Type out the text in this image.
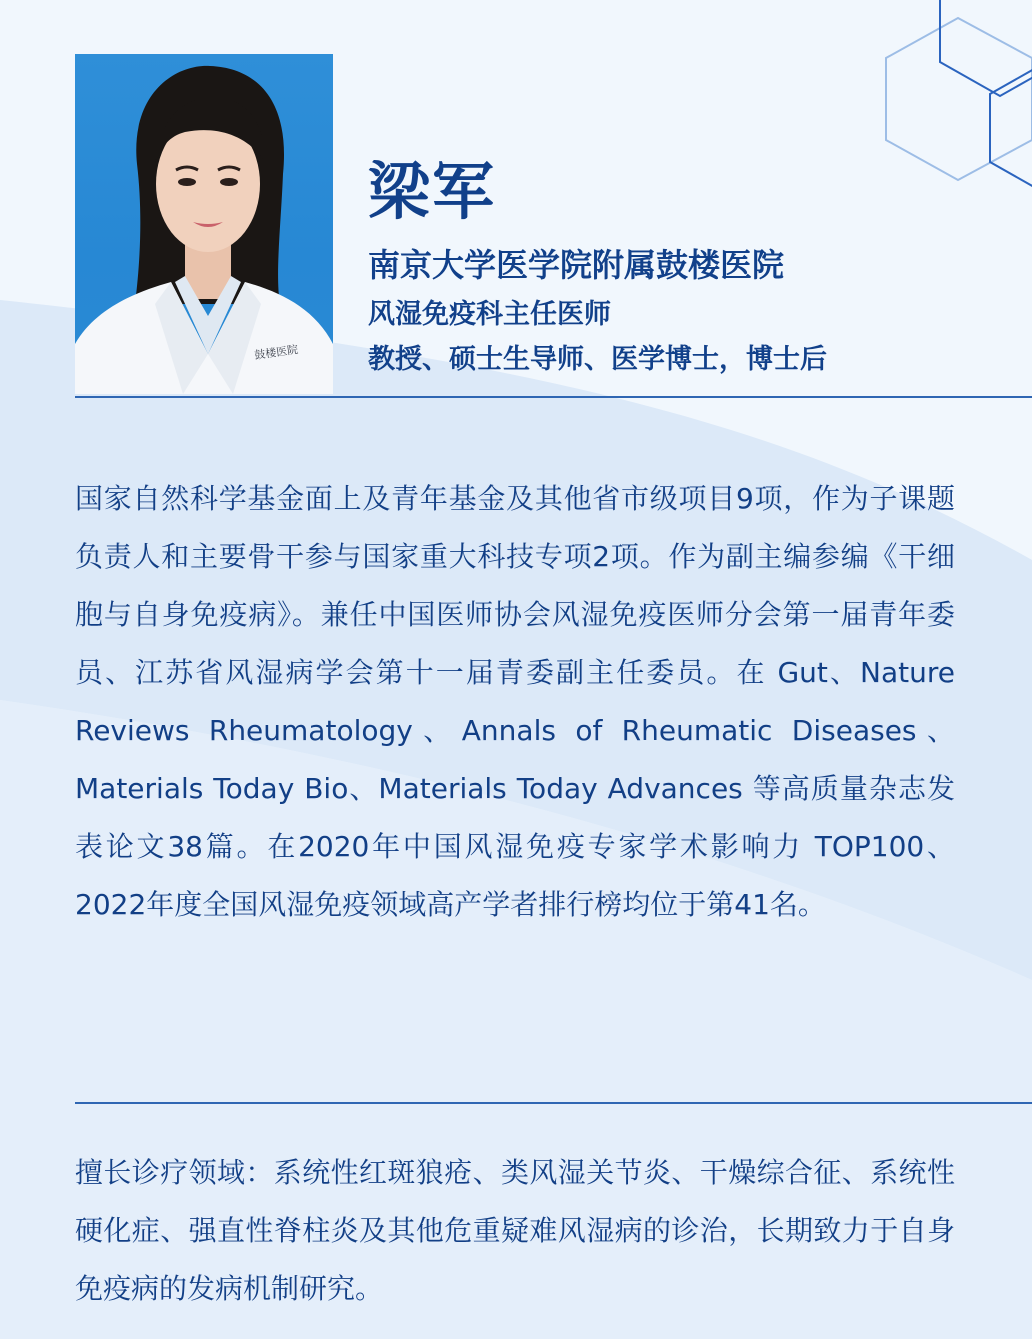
鼓楼医院
梁军
南京大学医学院附属鼓楼医院
风湿免疫科主任医师
教授、硕士生导师、医学博士，博士后

国家自然科学基金面上及青年基金及其他省市级项目9项，作为子课题负责人和主要骨干参与国家重大科技专项2项。作为副主编参编《干细胞与自身免疫病》。兼任中国医师协会风湿免疫医师分会第一届青年委员、江苏省风湿病学会第十一届青委副主任委员。在 Gut、Nature Reviews Rheumatology、Annals of Rheumatic Diseases、Materials Today Bio、Materials Today Advances 等高质量杂志发表论文38篇。在2020年中国风湿免疫专家学术影响力 TOP100、2022年度全国风湿免疫领域高产学者排行榜均位于第41名。

擅长诊疗领域：系统性红斑狼疮、类风湿关节炎、干燥综合征、系统性硬化症、强直性脊柱炎及其他危重疑难风湿病的诊治，长期致力于自身免疫病的发病机制研究。
